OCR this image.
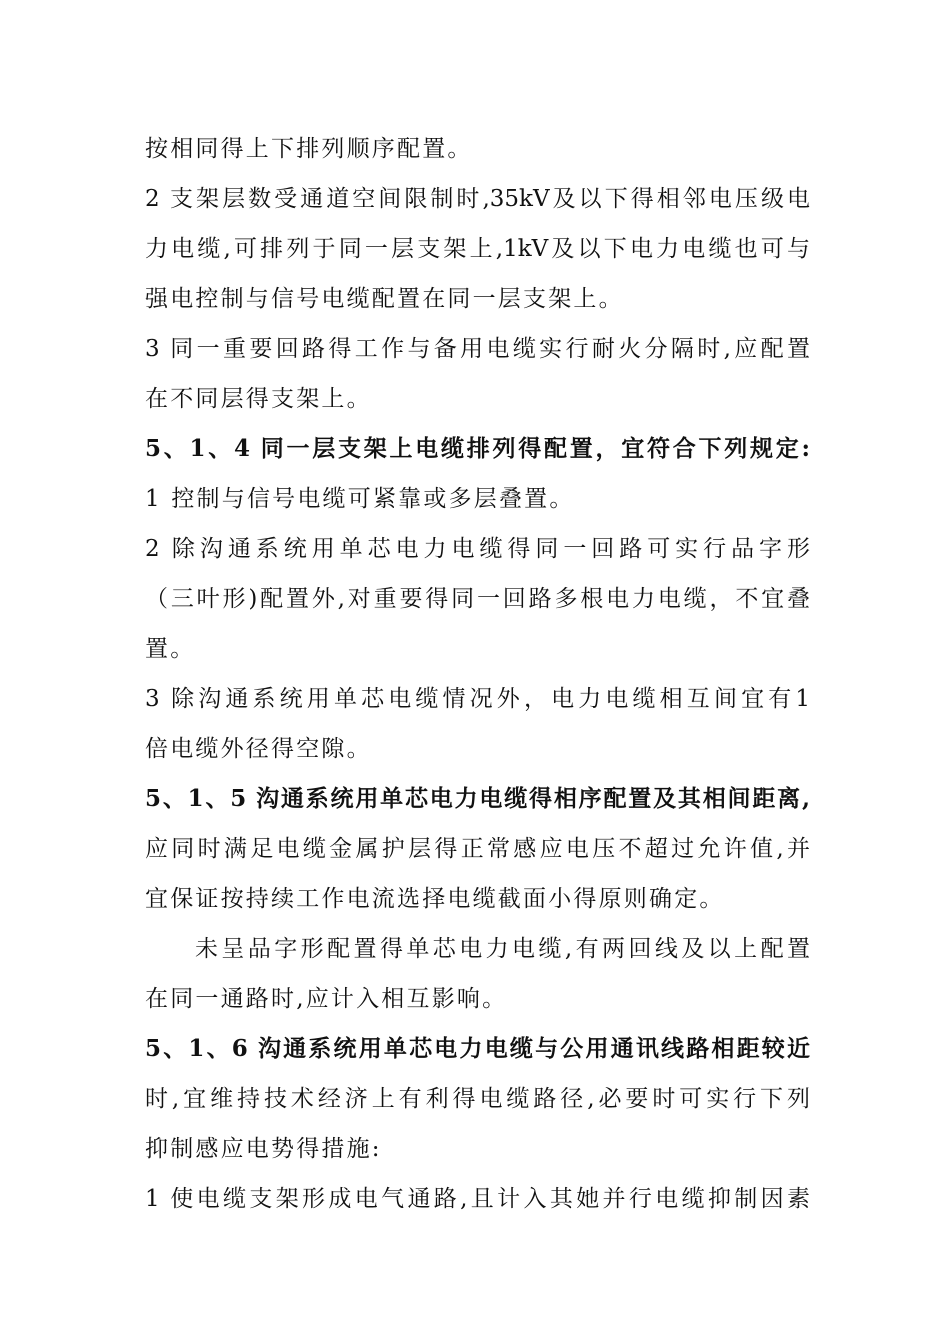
按相同得上下排列顺序配置。
2 支架层数受通道空间限制时,35kV及以下得相邻电压级电
力电缆,可排列于同一层支架上,1kV及以下电力电缆也可与
强电控制与信号电缆配置在同一层支架上。
3 同一重要回路得工作与备用电缆实行耐火分隔时,应配置
在不同层得支架上。
5、1、4 同一层支架上电缆排列得配置，宜符合下列规定:
1 控制与信号电缆可紧靠或多层叠置。
2 除沟通系统用单芯电力电缆得同一回路可实行品字形
（三叶形)配置外,对重要得同一回路多根电力电缆，不宜叠
置。
3 除沟通系统用单芯电缆情况外，电力电缆相互间宜有1
倍电缆外径得空隙。
5、1、5 沟通系统用单芯电力电缆得相序配置及其相间距离,
应同时满足电缆金属护层得正常感应电压不超过允许值,并
宜保证按持续工作电流选择电缆截面小得原则确定。
未呈品字形配置得单芯电力电缆,有两回线及以上配置
在同一通路时,应计入相互影响。
5、1、6 沟通系统用单芯电力电缆与公用通讯线路相距较近
时,宜维持技术经济上有利得电缆路径,必要时可实行下列
抑制感应电势得措施:
1 使电缆支架形成电气通路,且计入其她并行电缆抑制因素
